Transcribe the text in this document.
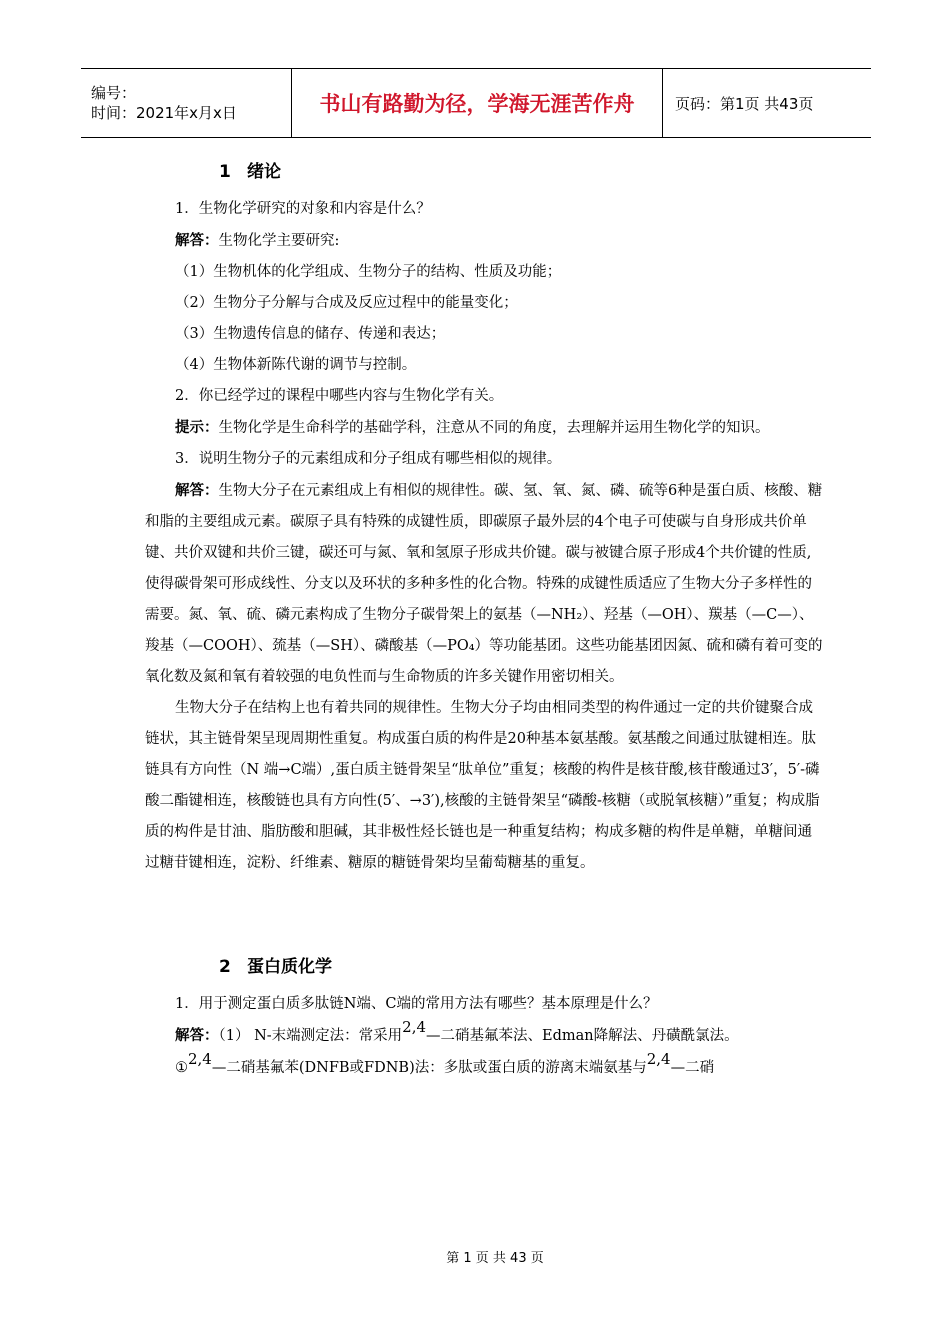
编号：
时间：2021年x月x日	书山有路勤为径，学海无涯苦作舟	页码：第1页 共43页
1 绪论

1．生物化学研究的对象和内容是什么？

解答：生物化学主要研究:

（1）生物机体的化学组成、生物分子的结构、性质及功能；

（2）生物分子分解与合成及反应过程中的能量变化；

（3）生物遗传信息的储存、传递和表达；

（4）生物体新陈代谢的调节与控制。

2．你已经学过的课程中哪些内容与生物化学有关。

提示：生物化学是生命科学的基础学科，注意从不同的角度，去理解并运用生物化学的知识。

3．说明生物分子的元素组成和分子组成有哪些相似的规律。

解答：生物大分子在元素组成上有相似的规律性。碳、氢、氧、氮、磷、硫等6种是蛋白质、核酸、糖和脂的主要组成元素。碳原子具有特殊的成键性质，即碳原子最外层的4个电子可使碳与自身形成共价单键、共价双键和共价三键，碳还可与氮、氧和氢原子形成共价键。碳与被键合原子形成4个共价键的性质,使得碳骨架可形成线性、分支以及环状的多种多性的化合物。特殊的成键性质适应了生物大分子多样性的需要。氮、氧、硫、磷元素构成了生物分子碳骨架上的氨基（—NH₂）、羟基（—OH）、羰基（—C—）、羧基（—COOH）、巯基（—SH）、磷酸基（—PO₄）等功能基团。这些功能基团因氮、硫和磷有着可变的氧化数及氮和氧有着较强的电负性而与生命物质的许多关键作用密切相关。

生物大分子在结构上也有着共同的规律性。生物大分子均由相同类型的构件通过一定的共价键聚合成链状，其主链骨架呈现周期性重复。构成蛋白质的构件是20种基本氨基酸。氨基酸之间通过肽键相连。肽链具有方向性（N 端→C端）,蛋白质主链骨架呈“肽单位”重复；核酸的构件是核苷酸,核苷酸通过3′，5′-磷酸二酯键相连，核酸链也具有方向性(5′、→3′),核酸的主链骨架呈“磷酸-核糖（或脱氧核糖）”重复；构成脂质的构件是甘油、脂肪酸和胆碱，其非极性烃长链也是一种重复结构；构成多糖的构件是单糖，单糖间通过糖苷键相连，淀粉、纤维素、糖原的糖链骨架均呈葡萄糖基的重复。

2 蛋白质化学

1．用于测定蛋白质多肽链N端、C端的常用方法有哪些？基本原理是什么？

解答：（1） N-末端测定法：常采用2,4—二硝基氟苯法、Edman降解法、丹磺酰氯法。

①2,4—二硝基氟苯(DNFB或FDNB)法：多肽或蛋白质的游离末端氨基与2,4—二硝

第 1 页 共 43 页
